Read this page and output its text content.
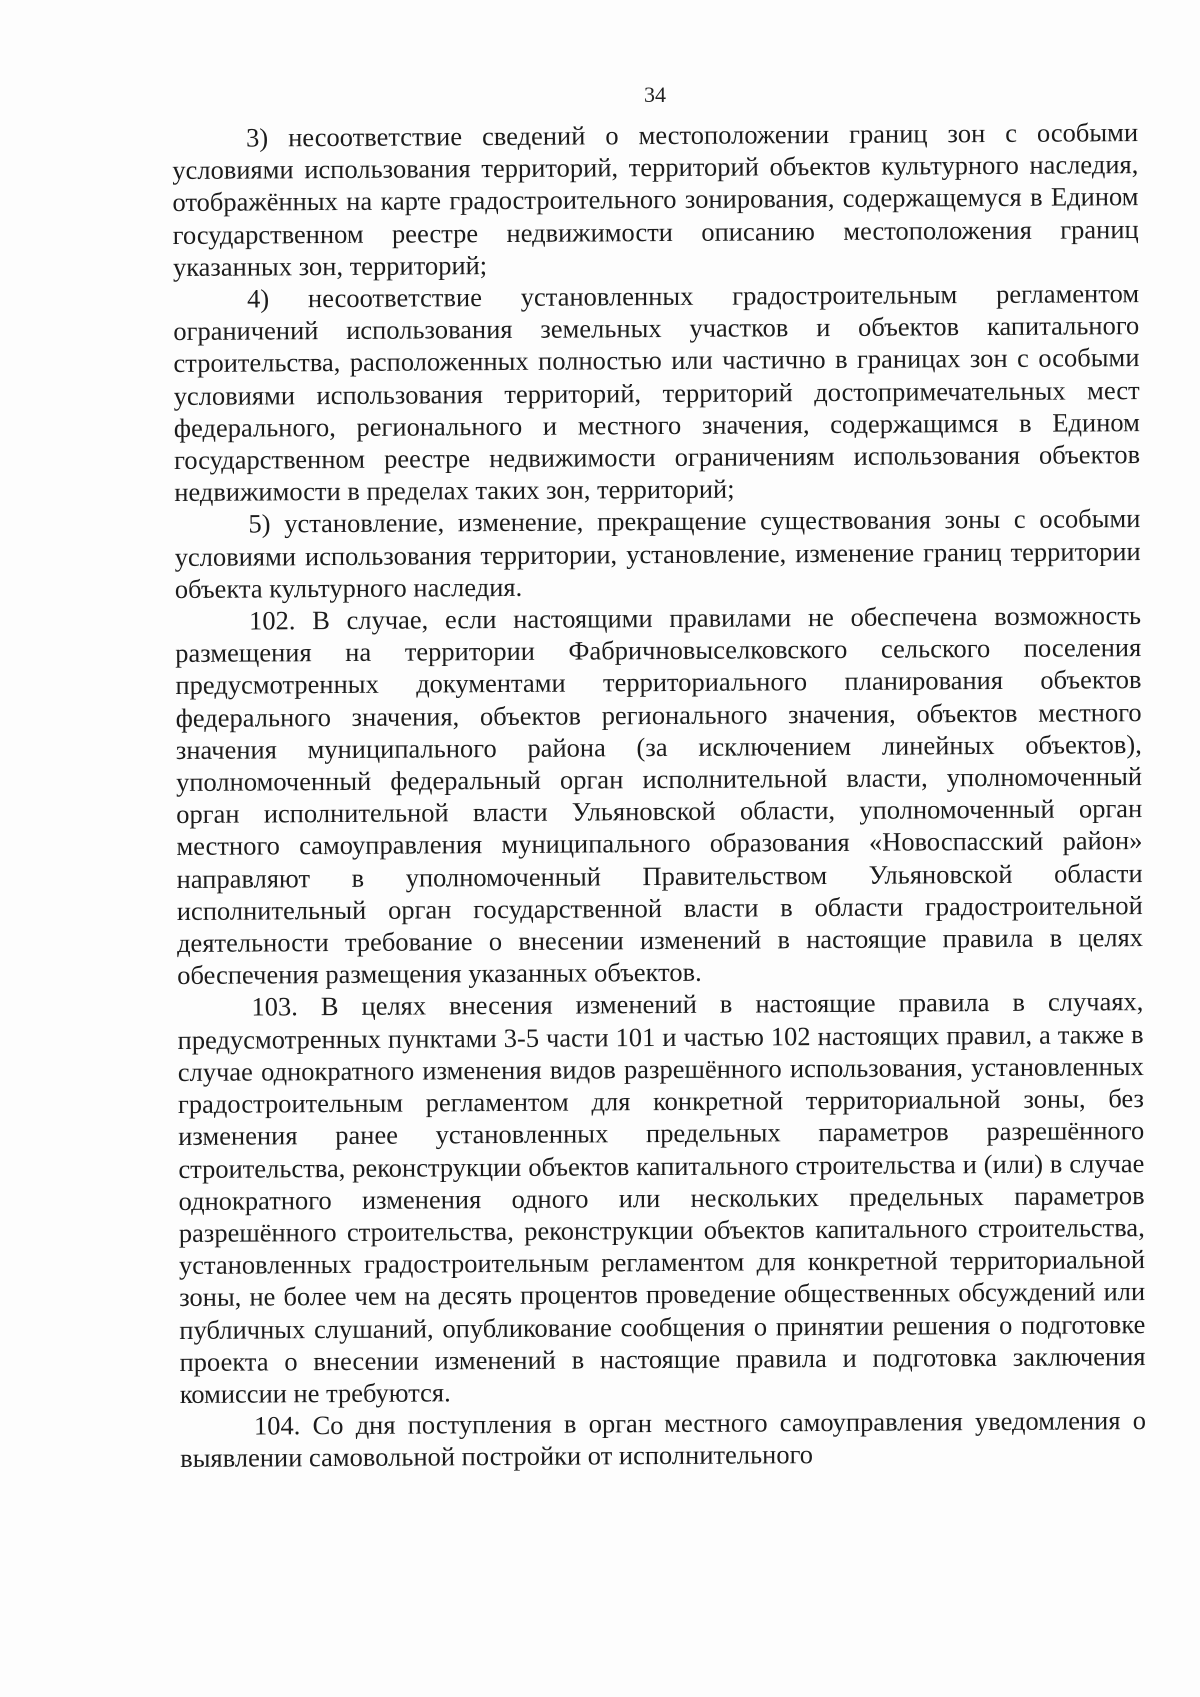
34

3) несоответствие сведений о местоположении границ зон с особыми условиями использования территорий, территорий объектов культурного наследия, отображённых на карте градостроительного зонирования, содержащемуся в Едином государственном реестре недвижимости описанию местоположения границ указанных зон, территорий;

4) несоответствие установленных градостроительным регламентом ограничений использования земельных участков и объектов капитального строительства, расположенных полностью или частично в границах зон с особыми условиями использования территорий, территорий достопримечательных мест федерального, регионального и местного значения, содержащимся в Едином государственном реестре недвижимости ограничениям использования объектов недвижимости в пределах таких зон, территорий;

5) установление, изменение, прекращение существования зоны с особыми условиями использования территории, установление, изменение границ территории объекта культурного наследия.

102. В случае, если настоящими правилами не обеспечена возможность размещения на территории Фабричновыселковского сельского поселения предусмотренных документами территориального планирования объектов федерального значения, объектов регионального значения, объектов местного значения муниципального района (за исключением линейных объектов), уполномоченный федеральный орган исполнительной власти, уполномоченный орган исполнительной власти Ульяновской области, уполномоченный орган местного самоуправления муниципального образования «Новоспасский район» направляют в уполномоченный Правительством Ульяновской области исполнительный орган государственной власти в области градостроительной деятельности требование о внесении изменений в настоящие правила в целях обеспечения размещения указанных объектов.

103. В целях внесения изменений в настоящие правила в случаях, предусмотренных пунктами 3-5 части 101 и частью 102 настоящих правил, а также в случае однократного изменения видов разрешённого использования, установленных градостроительным регламентом для конкретной территориальной зоны, без изменения ранее установленных предельных параметров разрешённого строительства, реконструкции объектов капитального строительства и (или) в случае однократного изменения одного или нескольких предельных параметров разрешённого строительства, реконструкции объектов капитального строительства, установленных градостроительным регламентом для конкретной территориальной зоны, не более чем на десять процентов проведение общественных обсуждений или публичных слушаний, опубликование сообщения о принятии решения о подготовке проекта о внесении изменений в настоящие правила и подготовка заключения комиссии не требуются.

104. Со дня поступления в орган местного самоуправления уведомления о выявлении самовольной постройки от исполнительного
